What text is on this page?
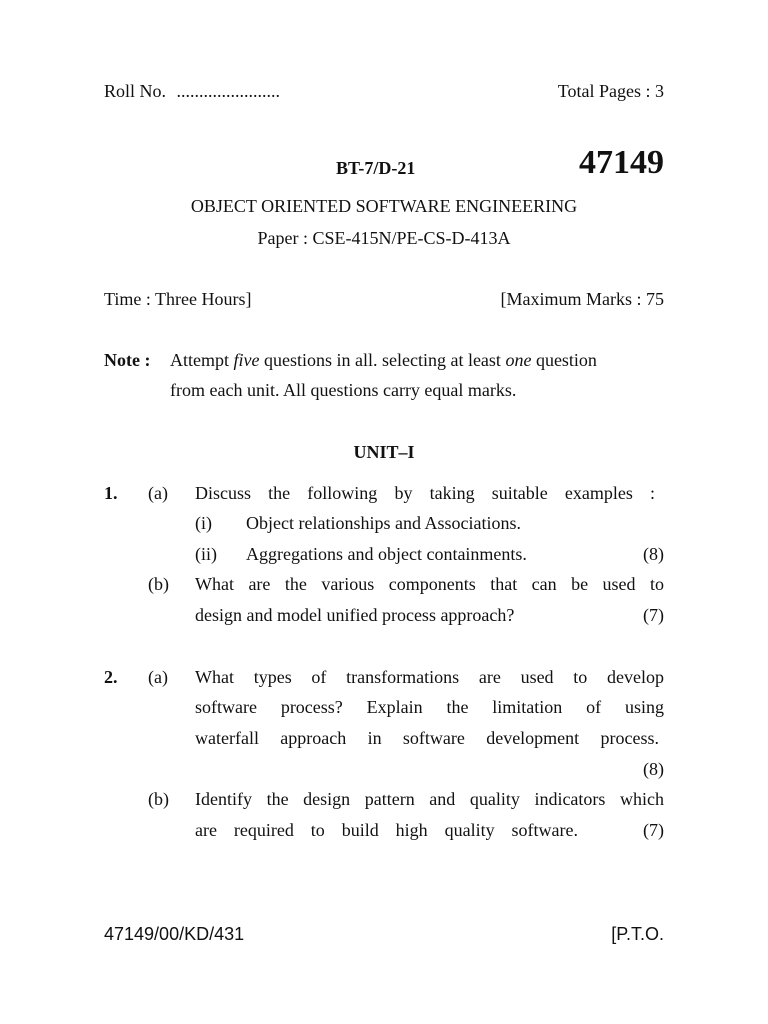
Roll No. .......................	Total Pages : 3
BT-7/D-21	47149
OBJECT ORIENTED SOFTWARE ENGINEERING
Paper : CSE-415N/PE-CS-D-413A
Time : Three Hours]	[Maximum Marks : 75
Note : Attempt five questions in all. selecting at least one question
from each unit. All questions carry equal marks.
UNIT–I
1. (a) Discuss the following by taking suitable examples :
(i) Object relationships and Associations.
(ii) Aggregations and object containments.	(8)
(b) What are the various components that can be used to
design and model unified process approach?	(7)
2. (a) What types of transformations are used to develop
software process? Explain the limitation of using
waterfall approach in software development process.
(8)
(b) Identify the design pattern and quality indicators which
are required to build high quality software.	(7)
47149/00/KD/431	[P.T.O.
